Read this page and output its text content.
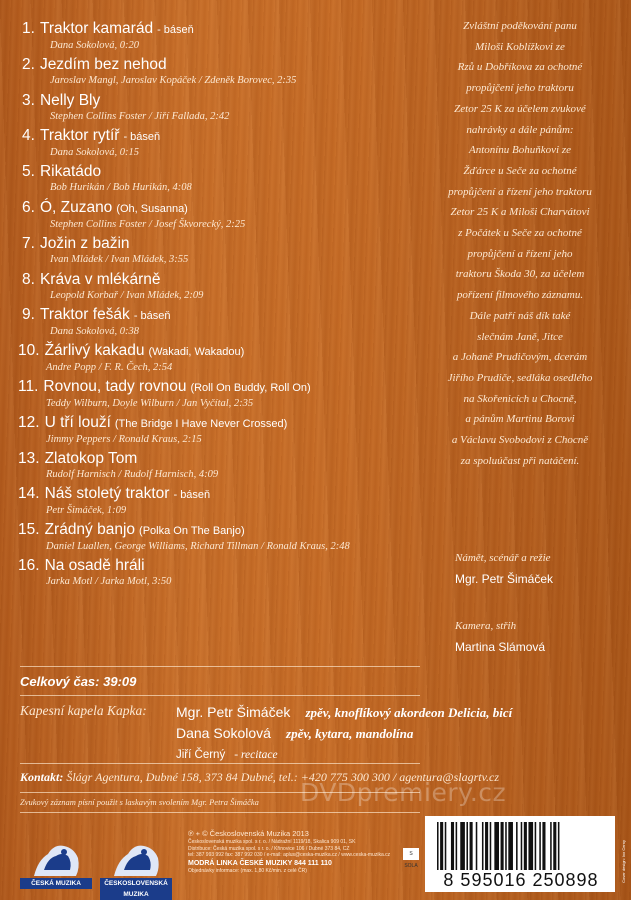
1. Traktor kamarád - báseň
Dana Sokolová, 0:20
2. Jezdím bez nehod
Jaroslav Mangl, Jaroslav Kopáček / Zdeněk Borovec, 2:35
3. Nelly Bly
Stephen Collins Foster / Jiří Fallada, 2:42
4. Traktor rytíř - báseň
Dana Sokolová, 0:15
5. Rikatádo
Bob Hurikán / Bob Hurikán, 4:08
6. Ó, Zuzano (Oh, Susanna)
Stephen Collins Foster / Josef Škvorecký, 2:25
7. Jožin z bažin
Ivan Mládek / Ivan Mládek, 3:55
8. Kráva v mlékárně
Leopold Korbař / Ivan Mládek, 2:09
9. Traktor fešák - báseň
Dana Sokolová, 0:38
10. Žárlivý kakadu (Wakadi, Wakadou)
Andre Popp / F. R. Čech, 2:54
11. Rovnou, tady rovnou (Roll On Buddy, Roll On)
Teddy Wilburn, Doyle Wilburn / Jan Vyčítal, 2:35
12. U tří louží (The Bridge I Have Never Crossed)
Jimmy Peppers / Ronald Kraus, 2:15
13. Zlatokop Tom
Rudolf Harnisch / Rudolf Harnisch, 4:09
14. Náš stoletý traktor - báseň
Petr Šimáček, 1:09
15. Zrádný banjo (Polka On The Banjo)
Daniel Luallen, George Williams, Richard Tillman / Ronald Kraus, 2:48
16. Na osadě hráli
Jarka Motl / Jarka Motl, 3:50
Celkový čas: 39:09
Kapesní kapela Kapka: Mgr. Petr Šimáček zpěv, knoflíkový akordeon Delicia, bicí
Dana Sokolová zpěv, kytara, mandolína
Jiří Černý - recitace
Kontakt: Šlágr Agentura, Dubné 158, 373 84 Dubné, tel.: +420 775 300 300 / agentura@slagrtv.cz
Zvukový záznam písní použit s laskavým svolením Mgr. Petra Šimáčka DVDpremiery.cz
Zvláštní poděkování panu
Miloši Koblížkovi ze
Rzů u Dobříkova za ochotné
propůjčení jeho traktoru
Zetor 25 K za účelem zvukové
nahrávky a dále pánům:
Antonínu Bohuňkovi ze
Žďárce u Seče za ochotné
propůjčení a řízení jeho traktoru
Zetor 25 K a Miloši Charvátovi
z Počátek u Seče za ochotné
propůjčení a řízení jeho
traktoru Škoda 30, za účelem
pořízení filmového záznamu.
Dále patří náš dík také
slečnám Janě, Jitce
a Johaně Prudičovým, dcerám
Jiřího Prudiče, sedláka osedlého
na Skořenicích u Chocně,
a pánům Martinu Borovi
a Václavu Svobodovi z Chocně
za spoluúčast při natáčení.
Námět, scénář a režie
Mgr. Petr Šimáček
Kamera, střih
Martina Slámová
ČESKÁ MUZIKA	ČESKOSLOVENSKÁ MUZIKA
℗ + © Československá Muzika 2013
Československá muzika spol. s r. o. / Nádražní 1119/18, Skalica 909 01, SK
Distribuce: Česká muzika spol. s r. o. / Křinovice 106 / Dubné 373 84, CZ
tel: 387 993 992 fax: 387 992 030 / e-mail: aplus@ceska-muzika.cz / www.ceska-muzika.cz
MODRÁ LINKA ČESKÉ MUZIKY 844 111 110
Objednávky informace: (max. 1,80 Kč/min. z celé ČR)
S SOLA
8 595016 250898	Cover design: Ivo Cerny
